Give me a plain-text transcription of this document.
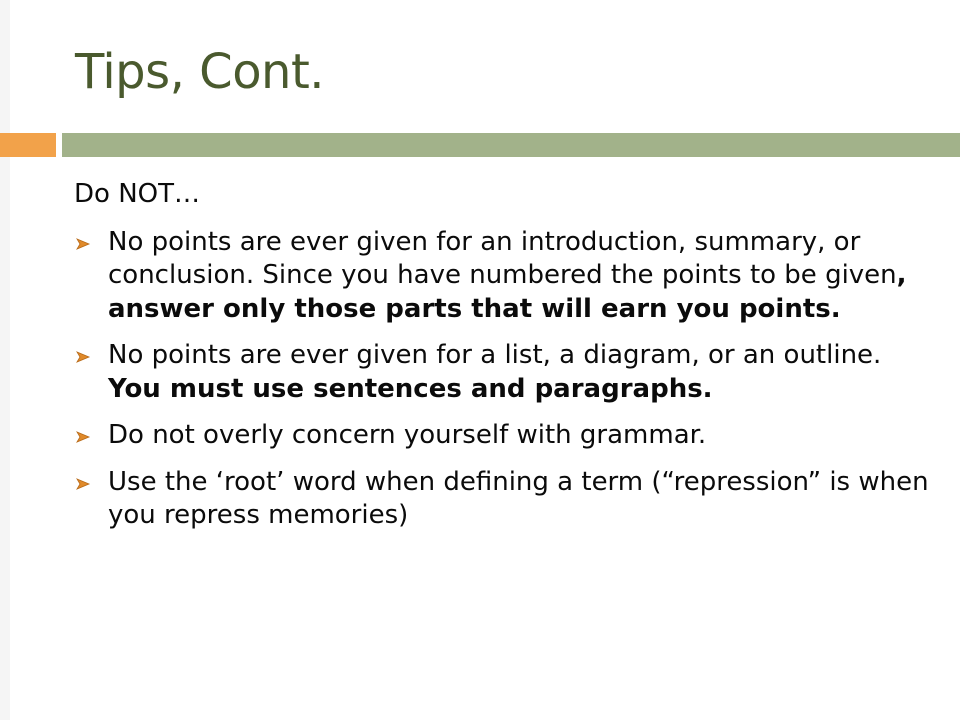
Tips, Cont.
Do NOT…
No points are ever given for an introduction, summary, or conclusion. Since you have numbered the points to be given, answer only those parts that will earn you points.
No points are ever given for a list, a diagram, or an outline. You must use sentences and paragraphs.
Do not overly concern yourself with grammar.
Use the ‘root’ word when defining a term (“repression” is when you repress memories)
